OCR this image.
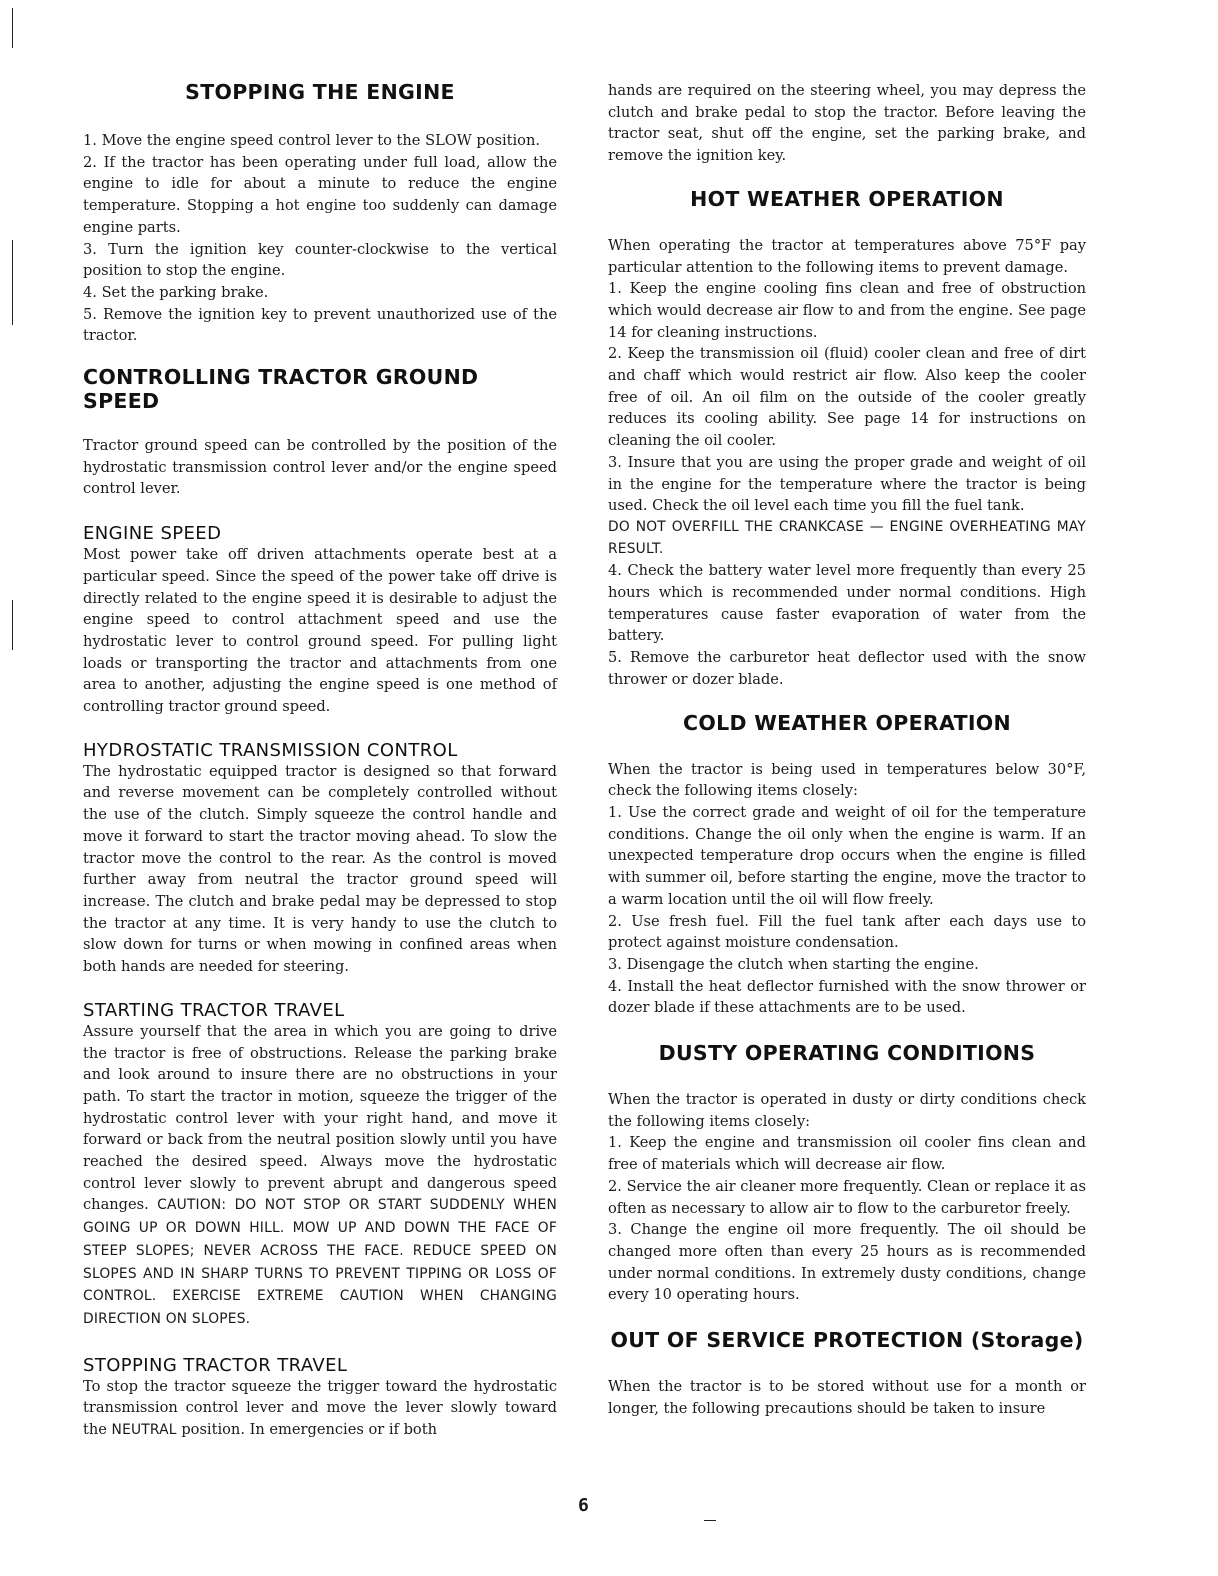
STOPPING THE ENGINE

1. Move the engine speed control lever to the SLOW position.

2. If the tractor has been operating under full load, allow the engine to idle for about a minute to reduce the engine temperature. Stopping a hot engine too suddenly can damage engine parts.

3. Turn the ignition key counter-clockwise to the vertical position to stop the engine.

4. Set the parking brake.

5. Remove the ignition key to prevent unauthorized use of the tractor.

CONTROLLING TRACTOR GROUND SPEED

Tractor ground speed can be controlled by the position of the hydrostatic transmission control lever and/or the engine speed control lever.

ENGINE SPEED

Most power take off driven attachments operate best at a particular speed. Since the speed of the power take off drive is directly related to the engine speed it is desirable to adjust the engine speed to control attachment speed and use the hydrostatic lever to control ground speed. For pulling light loads or transporting the tractor and attachments from one area to another, adjusting the engine speed is one method of controlling tractor ground speed.

HYDROSTATIC TRANSMISSION CONTROL

The hydrostatic equipped tractor is designed so that forward and reverse movement can be completely controlled without the use of the clutch. Simply squeeze the control handle and move it forward to start the tractor moving ahead. To slow the tractor move the control to the rear. As the control is moved further away from neutral the tractor ground speed will increase. The clutch and brake pedal may be depressed to stop the tractor at any time. It is very handy to use the clutch to slow down for turns or when mowing in confined areas when both hands are needed for steering.

STARTING TRACTOR TRAVEL

Assure yourself that the area in which you are going to drive the tractor is free of obstructions. Release the parking brake and look around to insure there are no obstructions in your path. To start the tractor in motion, squeeze the trigger of the hydrostatic control lever with your right hand, and move it forward or back from the neutral position slowly until you have reached the desired speed. Always move the hydrostatic control lever slowly to prevent abrupt and dangerous speed changes. CAUTION: DO NOT STOP OR START SUDDENLY WHEN GOING UP OR DOWN HILL. MOW UP AND DOWN THE FACE OF STEEP SLOPES; NEVER ACROSS THE FACE. REDUCE SPEED ON SLOPES AND IN SHARP TURNS TO PREVENT TIPPING OR LOSS OF CONTROL. EXERCISE EXTREME CAUTION WHEN CHANGING DIRECTION ON SLOPES.

STOPPING TRACTOR TRAVEL

To stop the tractor squeeze the trigger toward the hydrostatic transmission control lever and move the lever slowly toward the NEUTRAL position. In emergencies or if both

hands are required on the steering wheel, you may depress the clutch and brake pedal to stop the tractor. Before leaving the tractor seat, shut off the engine, set the parking brake, and remove the ignition key.

HOT WEATHER OPERATION

When operating the tractor at temperatures above 75°F pay particular attention to the following items to prevent damage.

1. Keep the engine cooling fins clean and free of obstruction which would decrease air flow to and from the engine. See page 14 for cleaning instructions.

2. Keep the transmission oil (fluid) cooler clean and free of dirt and chaff which would restrict air flow. Also keep the cooler free of oil. An oil film on the outside of the cooler greatly reduces its cooling ability. See page 14 for instructions on cleaning the oil cooler.

3. Insure that you are using the proper grade and weight of oil in the engine for the temperature where the tractor is being used. Check the oil level each time you fill the fuel tank.

DO NOT OVERFILL THE CRANKCASE — ENGINE OVERHEATING MAY RESULT.

4. Check the battery water level more frequently than every 25 hours which is recommended under normal conditions. High temperatures cause faster evaporation of water from the battery.

5. Remove the carburetor heat deflector used with the snow thrower or dozer blade.

COLD WEATHER OPERATION

When the tractor is being used in temperatures below 30°F, check the following items closely:

1. Use the correct grade and weight of oil for the temperature conditions. Change the oil only when the engine is warm. If an unexpected temperature drop occurs when the engine is filled with summer oil, before starting the engine, move the tractor to a warm location until the oil will flow freely.

2. Use fresh fuel. Fill the fuel tank after each days use to protect against moisture condensation.

3. Disengage the clutch when starting the engine.

4. Install the heat deflector furnished with the snow thrower or dozer blade if these attachments are to be used.

DUSTY OPERATING CONDITIONS

When the tractor is operated in dusty or dirty conditions check the following items closely:

1. Keep the engine and transmission oil cooler fins clean and free of materials which will decrease air flow.

2. Service the air cleaner more frequently. Clean or replace it as often as necessary to allow air to flow to the carburetor freely.

3. Change the engine oil more frequently. The oil should be changed more often than every 25 hours as is recommended under normal conditions. In extremely dusty conditions, change every 10 operating hours.

OUT OF SERVICE PROTECTION (Storage)

When the tractor is to be stored without use for a month or longer, the following precautions should be taken to insure

6
